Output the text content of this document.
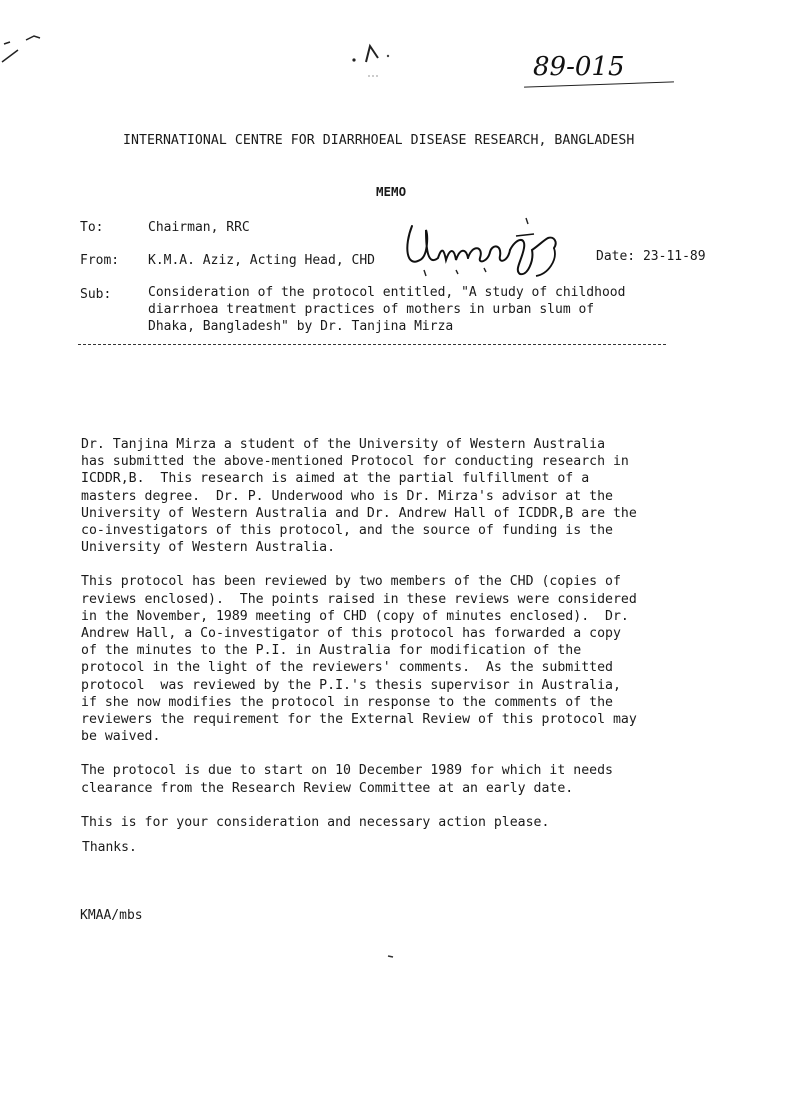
89-015
INTERNATIONAL CENTRE FOR DIARRHOEAL DISEASE RESEARCH, BANGLADESH
MEMO
To:	Chairman, RRC
From: K.M.A. Aziz, Acting Head, CHD	Date: 23-11-89
Sub:	Consideration of the protocol entitled, "A study of childhood
diarrhoea treatment practices of mothers in urban slum of
Dhaka, Bangladesh" by Dr. Tanjina Mirza

Dr. Tanjina Mirza a student of the University of Western Australia
has submitted the above-mentioned Protocol for conducting research in
ICDDR,B.  This research is aimed at the partial fulfillment of a
masters degree.  Dr. P. Underwood who is Dr. Mirza's advisor at the
University of Western Australia and Dr. Andrew Hall of ICDDR,B are the
co-investigators of this protocol, and the source of funding is the
University of Western Australia.

This protocol has been reviewed by two members of the CHD (copies of
reviews enclosed).  The points raised in these reviews were considered
in the November, 1989 meeting of CHD (copy of minutes enclosed).  Dr.
Andrew Hall, a Co-investigator of this protocol has forwarded a copy
of the minutes to the P.I. in Australia for modification of the
protocol in the light of the reviewers' comments.  As the submitted
protocol  was reviewed by the P.I.'s thesis supervisor in Australia,
if she now modifies the protocol in response to the comments of the
reviewers the requirement for the External Review of this protocol may
be waived.

The protocol is due to start on 10 December 1989 for which it needs
clearance from the Research Review Committee at an early date.

This is for your consideration and necessary action please.

Thanks.
KMAA/mbs
